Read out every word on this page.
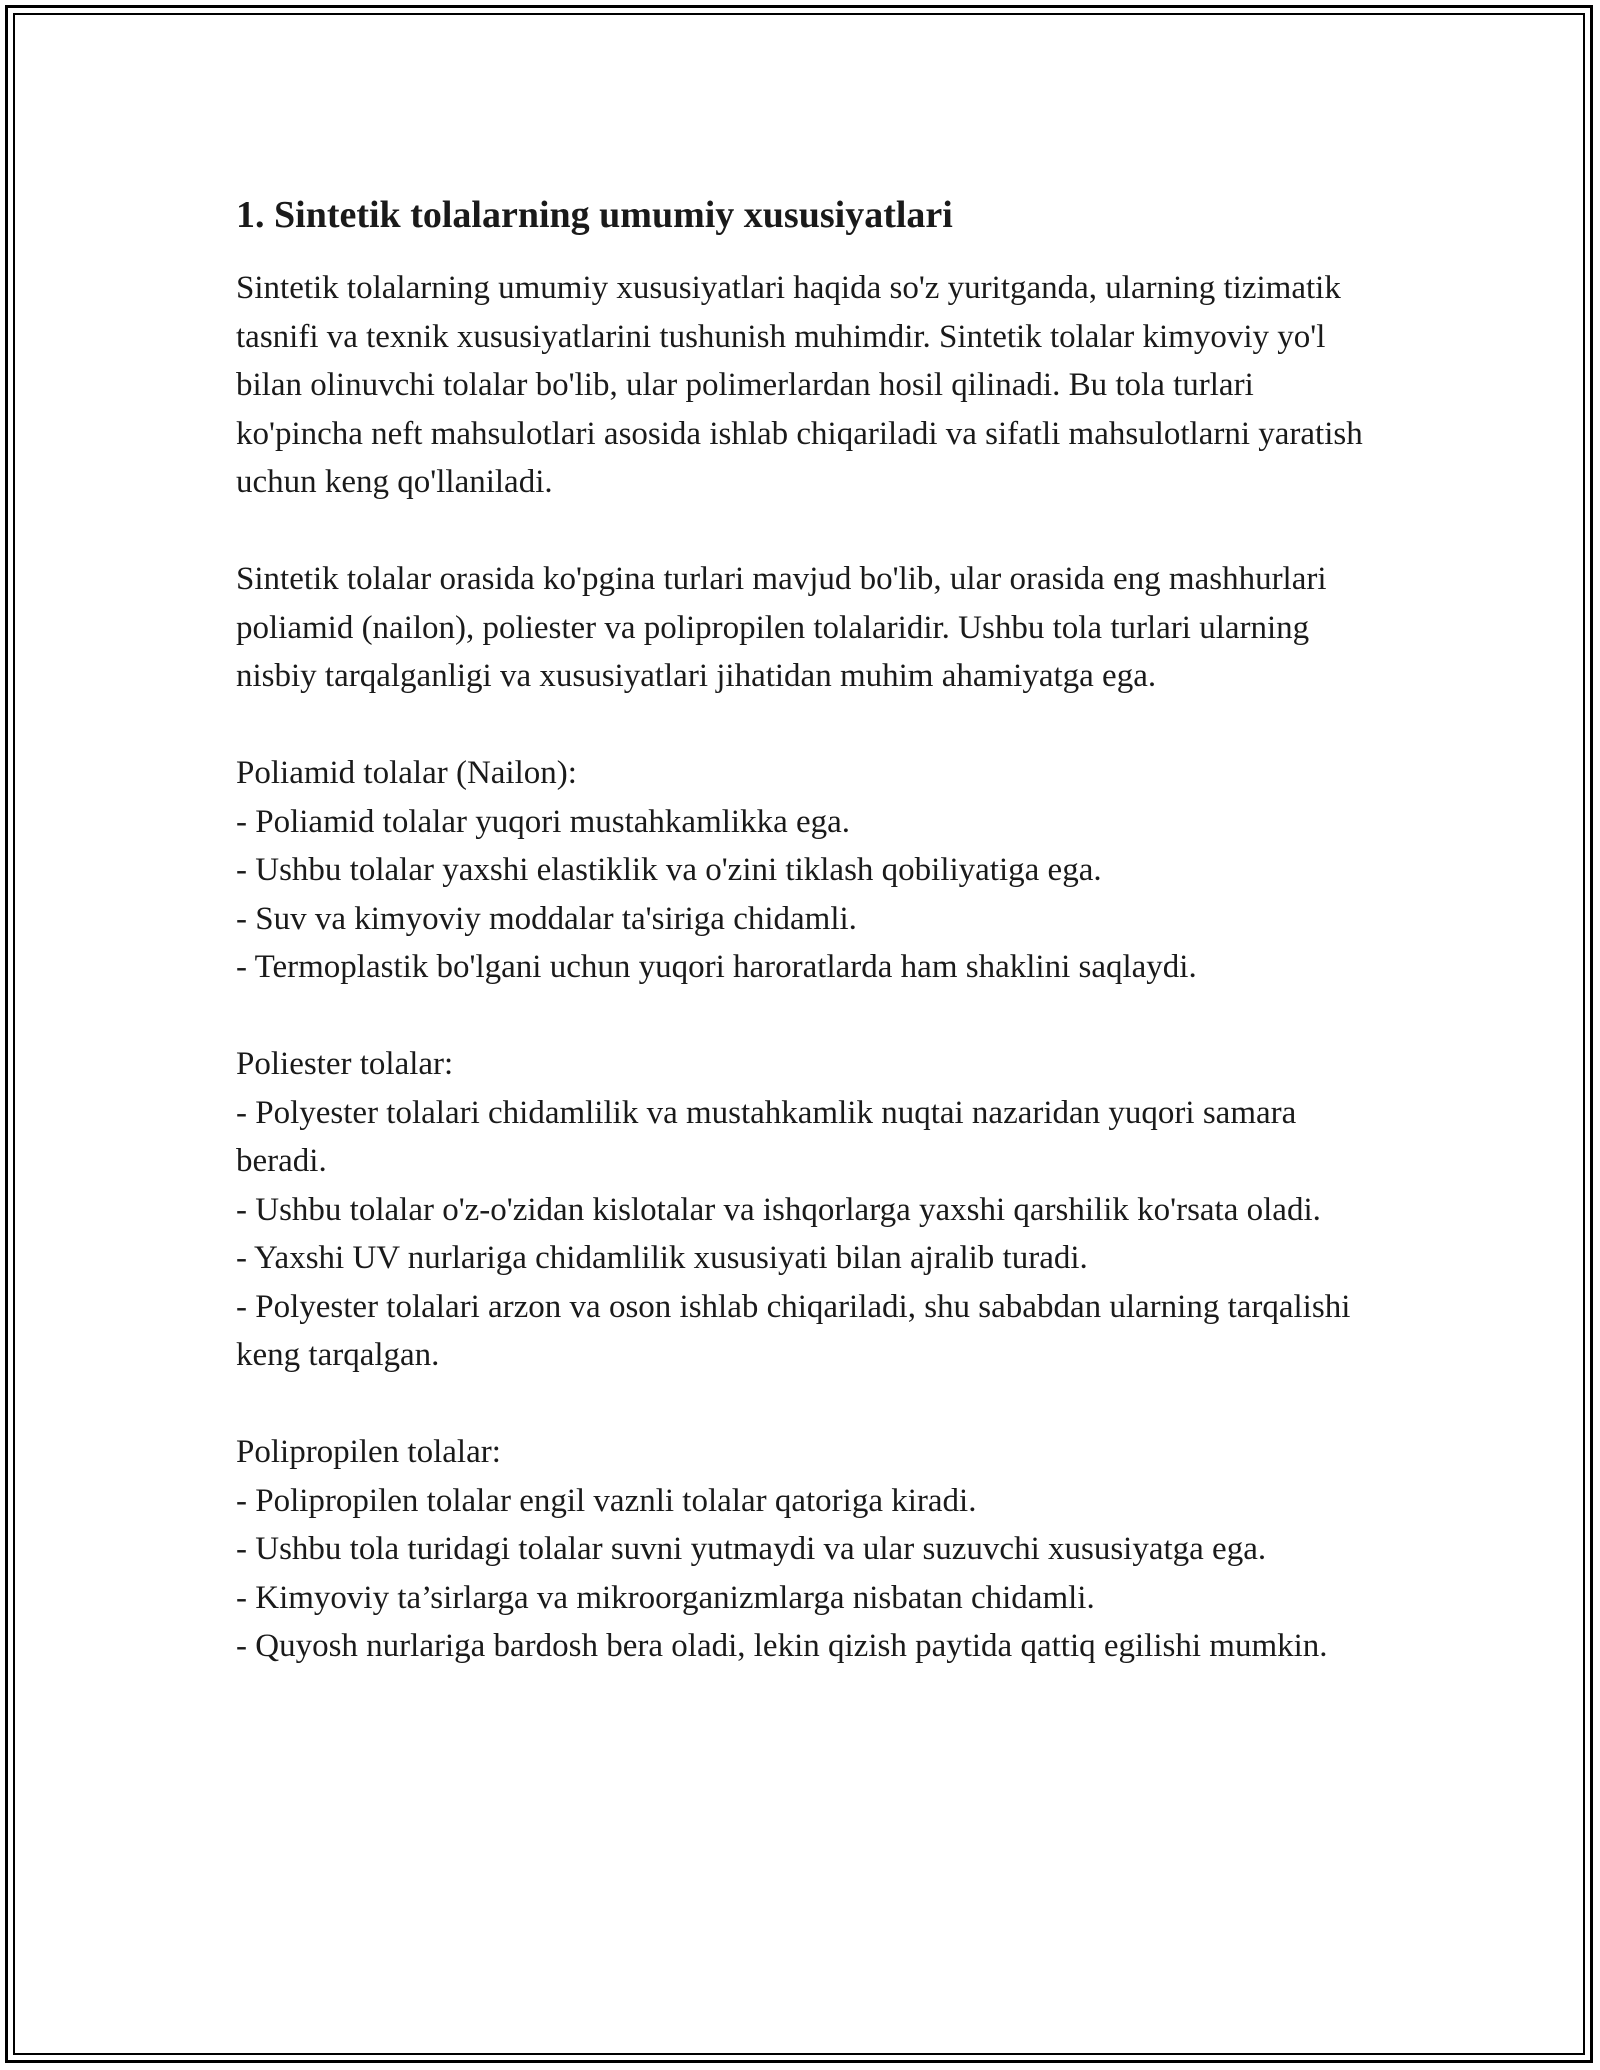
1. Sintetik tolalarning umumiy xususiyatlari

Sintetik tolalarning umumiy xususiyatlari haqida so'z yuritganda, ularning tizimatik tasnifi va texnik xususiyatlarini tushunish muhimdir. Sintetik tolalar kimyoviy yo'l bilan olinuvchi tolalar bo'lib, ular polimerlardan hosil qilinadi. Bu tola turlari ko'pincha neft mahsulotlari asosida ishlab chiqariladi va sifatli mahsulotlarni yaratish uchun keng qo'llaniladi.

Sintetik tolalar orasida ko'pgina turlari mavjud bo'lib, ular orasida eng mashhurlari poliamid (nailon), poliester va polipropilen tolalaridir. Ushbu tola turlari ularning nisbiy tarqalganligi va xususiyatlari jihatidan muhim ahamiyatga ega.

Poliamid tolalar (Nailon):

- Poliamid tolalar yuqori mustahkamlikka ega.

- Ushbu tolalar yaxshi elastiklik va o'zini tiklash qobiliyatiga ega.

- Suv va kimyoviy moddalar ta'siriga chidamli.

- Termoplastik bo'lgani uchun yuqori haroratlarda ham shaklini saqlaydi.

Poliester tolalar:

- Polyester tolalari chidamlilik va mustahkamlik nuqtai nazaridan yuqori samara beradi.

- Ushbu tolalar o'z-o'zidan kislotalar va ishqorlarga yaxshi qarshilik ko'rsata oladi.

- Yaxshi UV nurlariga chidamlilik xususiyati bilan ajralib turadi.

- Polyester tolalari arzon va oson ishlab chiqariladi, shu sababdan ularning tarqalishi keng tarqalgan.

Polipropilen tolalar:

- Polipropilen tolalar engil vaznli tolalar qatoriga kiradi.

- Ushbu tola turidagi tolalar suvni yutmaydi va ular suzuvchi xususiyatga ega.

- Kimyoviy ta’sirlarga va mikroorganizmlarga nisbatan chidamli.

- Quyosh nurlariga bardosh bera oladi, lekin qizish paytida qattiq egilishi mumkin.
